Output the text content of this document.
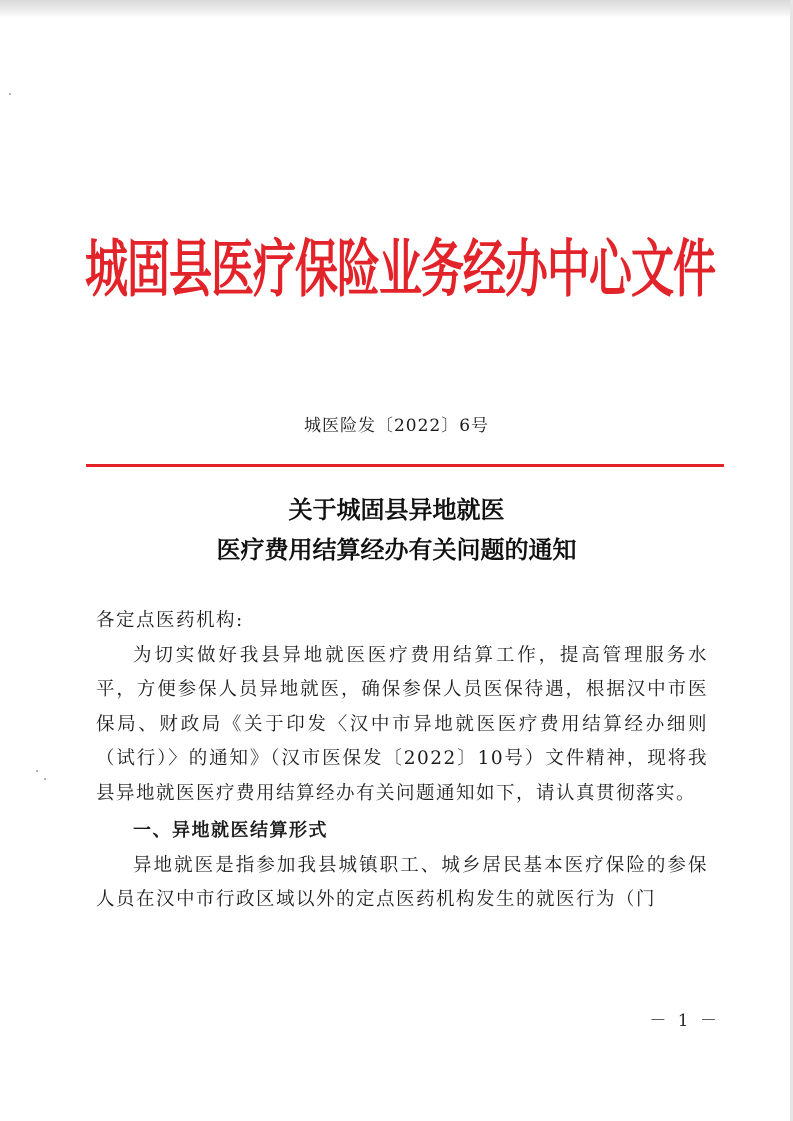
城固县医疗保险业务经办中心文件
城医险发〔2022〕6号
关于城固县异地就医
医疗费用结算经办有关问题的通知

各定点医药机构:

为切实做好我县异地就医医疗费用结算工作，提高管理服务水平，方便参保人员异地就医，确保参保人员医保待遇，根据汉中市医保局、财政局《关于印发〈汉中市异地就医医疗费用结算经办细则（试行）〉的通知》（汉市医保发〔2022〕10号）文件精神，现将我县异地就医医疗费用结算经办有关问题通知如下，请认真贯彻落实。

一、异地就医结算形式

异地就医是指参加我县城镇职工、城乡居民基本医疗保险的参保人员在汉中市行政区域以外的定点医药机构发生的就医行为（门

－ 1 －
